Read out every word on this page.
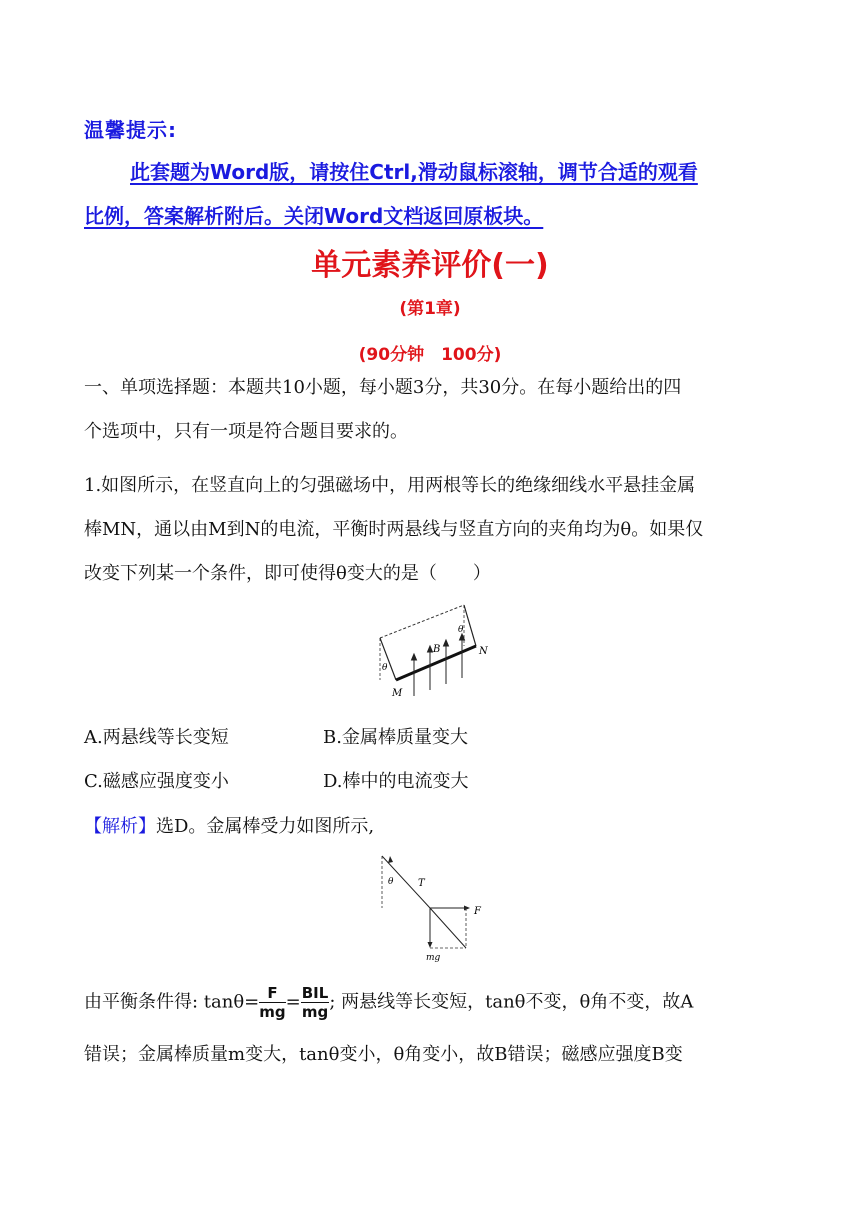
温馨提示:
此套题为Word版，请按住Ctrl,滑动鼠标滚轴，调节合适的观看
比例，答案解析附后。关闭Word文档返回原板块。
单元素养评价(一)
(第1章)
(90分钟　100分)
一、单项选择题：本题共10小题，每小题3分，共30分。在每小题给出的四
个选项中，只有一项是符合题目要求的。
1.如图所示，在竖直向上的匀强磁场中，用两根等长的绝缘细线水平悬挂金属
棒MN，通以由M到N的电流，平衡时两悬线与竖直方向的夹角均为θ。如果仅
改变下列某一个条件，即可使得θ变大的是（　　）
θ
θ
B	N
M
A.两悬线等长变短	B.金属棒质量变大
C.磁感应强度变小	D.棒中的电流变大
【解析】选D。金属棒受力如图所示,
θ T
F
mg
由平衡条件得: $\tan\theta= \frac{F}{mg} = \frac{\text{BIL}}{mg}$ ; 两悬线等长变短，tanθ不变，θ角不变，故A
错误；金属棒质量m变大，tanθ变小，θ角变小，故B错误；磁感应强度B变
